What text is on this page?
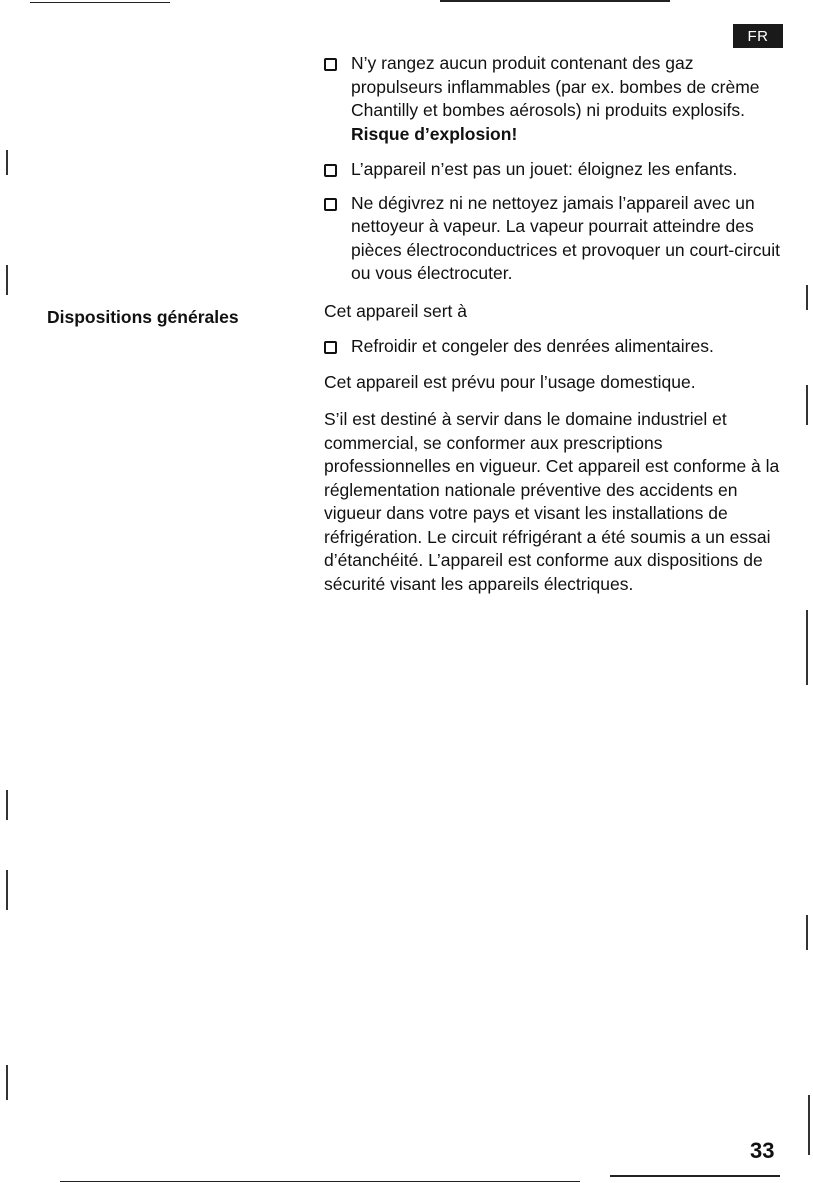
FR
Dispositions générales
N’y rangez aucun produit contenant des gaz propulseurs inflammables (par ex. bombes de crème Chantilly et bombes aérosols) ni produits explosifs. Risque d’explosion!
L’appareil n’est pas un jouet: éloignez les enfants.
Ne dégivrez ni ne nettoyez jamais l’appareil avec un nettoyeur à vapeur. La vapeur pourrait atteindre des pièces électroconductrices et provoquer un court-circuit ou vous électrocuter.

Cet appareil sert à

Refroidir et congeler des denrées alimentaires.

Cet appareil est prévu pour l’usage domestique.

S’il est destiné à servir dans le domaine industriel et commercial, se conformer aux prescriptions professionnelles en vigueur. Cet appareil est conforme à la réglementation nationale préventive des accidents en vigueur dans votre pays et visant les installations de réfrigération. Le circuit réfrigérant a été soumis a un essai d’étanchéité. L’appareil est conforme aux dispositions de sécurité visant les appareils électriques.

33
